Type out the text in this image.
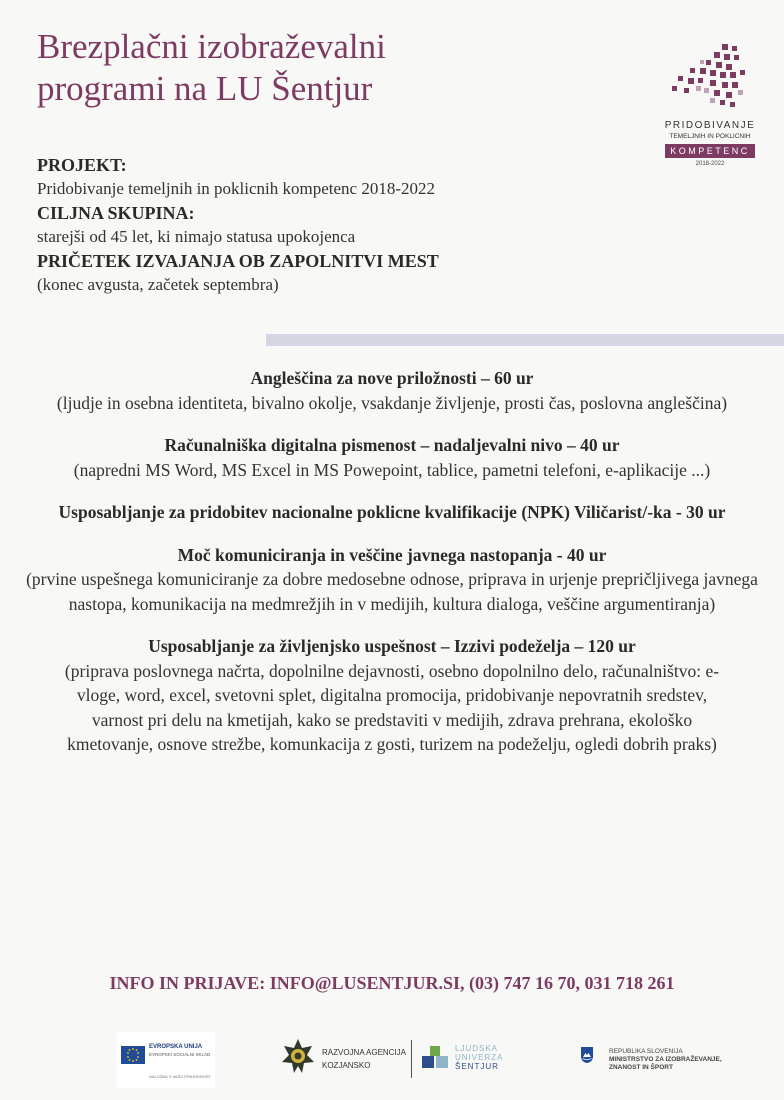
Brezplačni izobraževalni
programi na LU Šentjur
PRIDOBIVANJE
TEMELJNIH IN POKLICNIH
KOMPETENC
2018-2022
PROJEKT:
Pridobivanje temeljnih in poklicnih kompetenc 2018-2022
CILJNA SKUPINA:
starejši od 45 let, ki nimajo statusa upokojenca
PRIČETEK IZVAJANJA OB ZAPOLNITVI MEST
(konec avgusta, začetek septembra)
Angleščina za nove priložnosti – 60 ur
(ljudje in osebna identiteta, bivalno okolje, vsakdanje življenje, prosti čas, poslovna angleščina)
Računalniška digitalna pismenost – nadaljevalni nivo – 40 ur
(napredni MS Word, MS Excel in MS Powepoint, tablice, pametni telefoni, e-aplikacije ...)
Usposabljanje za pridobitev nacionalne poklicne kvalifikacije (NPK) Viličarist/-ka - 30 ur
Moč komuniciranja in veščine javnega nastopanja - 40 ur
(prvine uspešnega komuniciranje za dobre medosebne odnose, priprava in urjenje prepričljivega javnega nastopa, komunikacija na medmrežjih in v medijih, kultura dialoga, veščine argumentiranja)
Usposabljanje za življenjsko uspešnost – Izzivi podeželja – 120 ur
(priprava poslovnega načrta, dopolnilne dejavnosti, osebno dopolnilno delo, računalništvo: e-vloge, word, excel, svetovni splet, digitalna promocija, pridobivanje nepovratnih sredstev, varnost pri delu na kmetijah, kako se predstaviti v medijih, zdrava prehrana, ekološko kmetovanje, osnove strežbe, komunkacija z gosti, turizem na podeželju, ogledi dobrih praks)
INFO IN PRIJAVE: INFO@LUSENTJUR.SI, (03) 747 16 70, 031 718 261
EVROPSKA UNIJA
EVROPSKI SOCIALNI SKLAD
NALOŽBA V VAŠO PRIHODNOST
RAZVOJNA AGENCIJA
KOZJANSKO
LJUDSKA
UNIVERZA
ŠENTJUR
REPUBLIKA SLOVENIJA
MINISTRSTVO ZA IZOBRAŽEVANJE,
ZNANOST IN ŠPORT
